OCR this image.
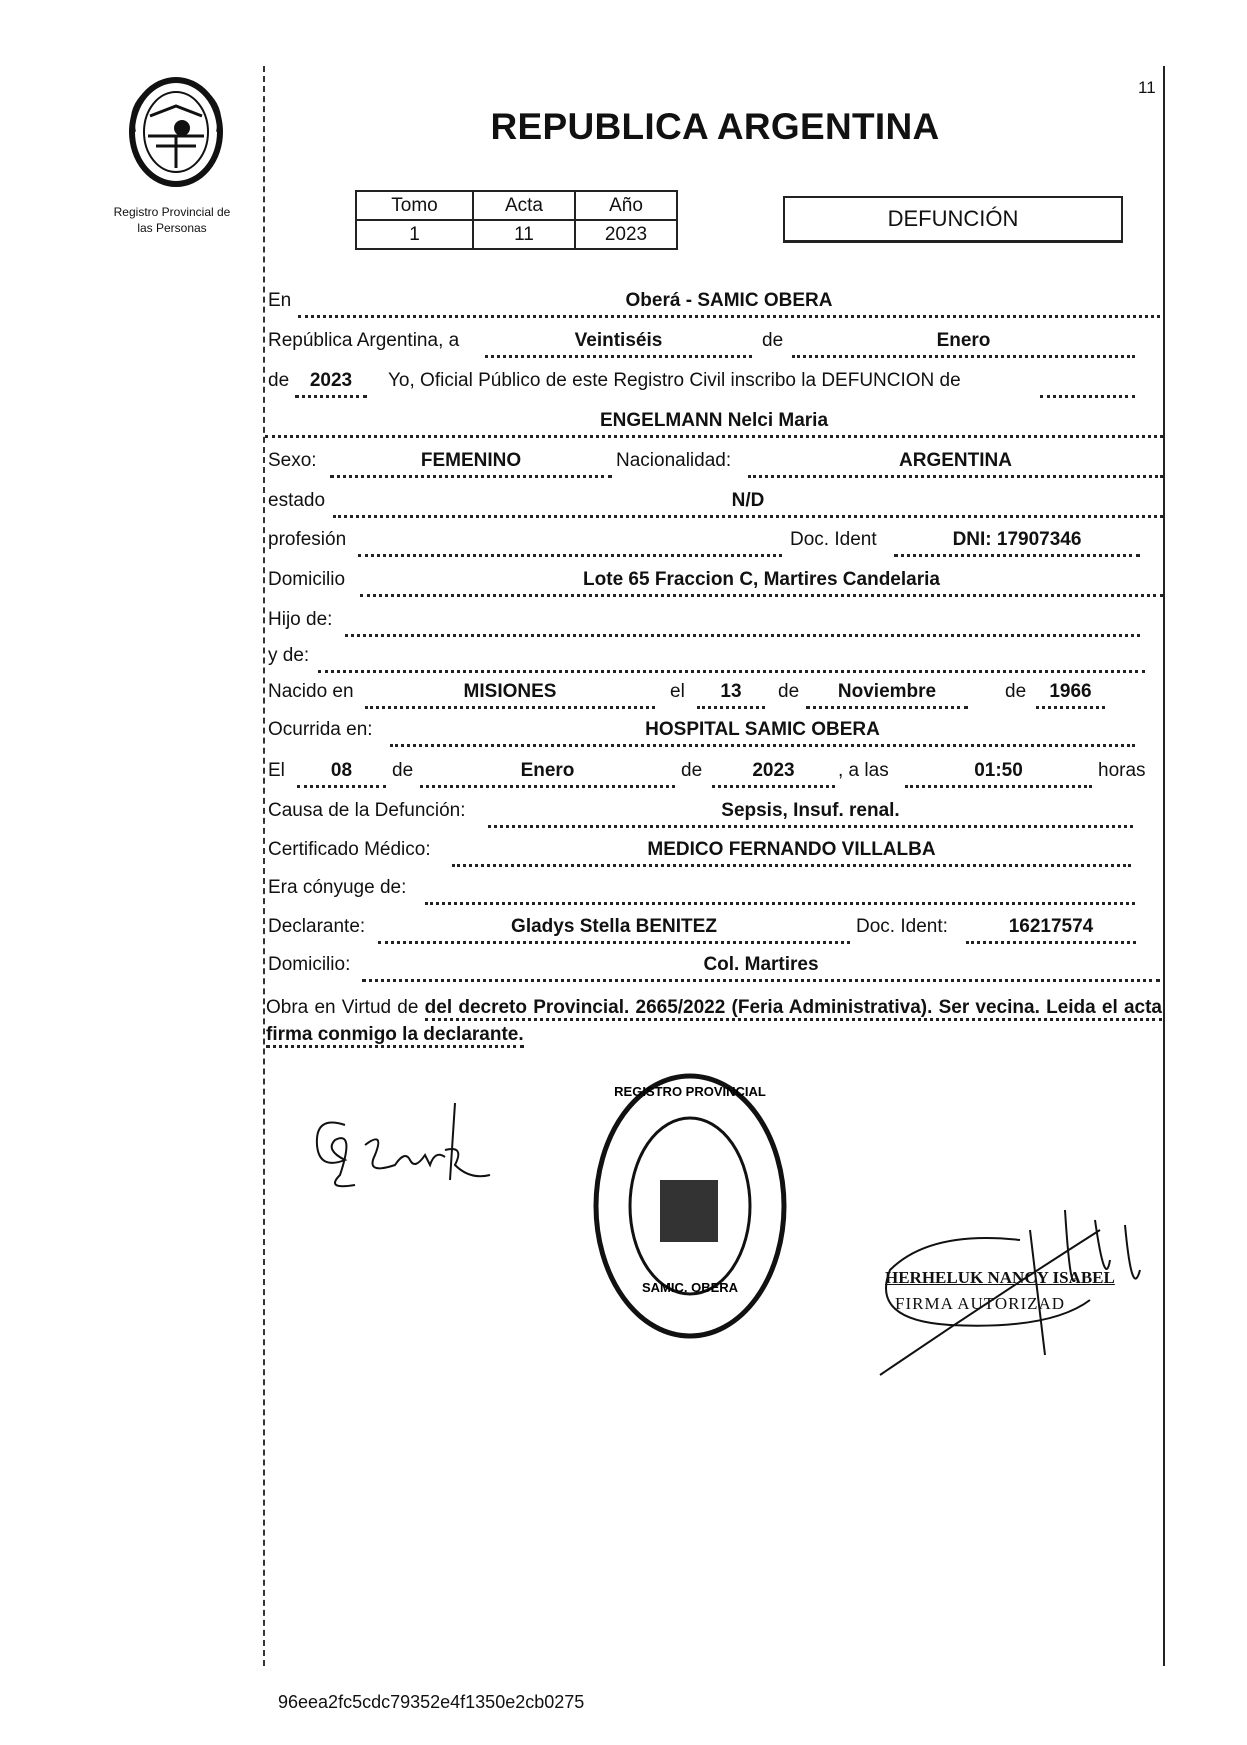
Registro Provincial de
las Personas
11
REPUBLICA ARGENTINA
Tomo	Acta	Año
1	11	2023
DEFUNCIÓN
En	Oberá - SAMIC OBERA
República Argentina, a	Veintiséis	de	Enero
de	2023	Yo, Oficial Público de este Registro Civil inscribo la DEFUNCION de
ENGELMANN Nelci Maria
Sexo:	FEMENINO	Nacionalidad:	ARGENTINA
estado	N/D
profesión	Doc. Ident	DNI: 17907346
Domicilio	Lote 65 Fraccion C, Martires Candelaria
Hijo de:
y de:
Nacido en	MISIONES	el	13	de	Noviembre	de	1966
Ocurrida en:	HOSPITAL SAMIC OBERA
El	08	de	Enero	de	2023	, a las	01:50	horas
Causa de la Defunción:	Sepsis, Insuf. renal.
Certificado Médico:	MEDICO FERNANDO VILLALBA
Era cónyuge de:
Declarante:	Gladys Stella BENITEZ	Doc. Ident:	16217574
Domicilio:	Col. Martires
Obra en Virtud de del decreto Provincial. 2665/2022 (Feria Administrativa). Ser vecina. Leida el acta firma conmigo la declarante.
REGISTRO PROVINCIAL
SAMIC. OBERA
HERHELUK NANCY ISABEL
FIRMA AUTORIZAD
96eea2fc5cdc79352e4f1350e2cb0275
